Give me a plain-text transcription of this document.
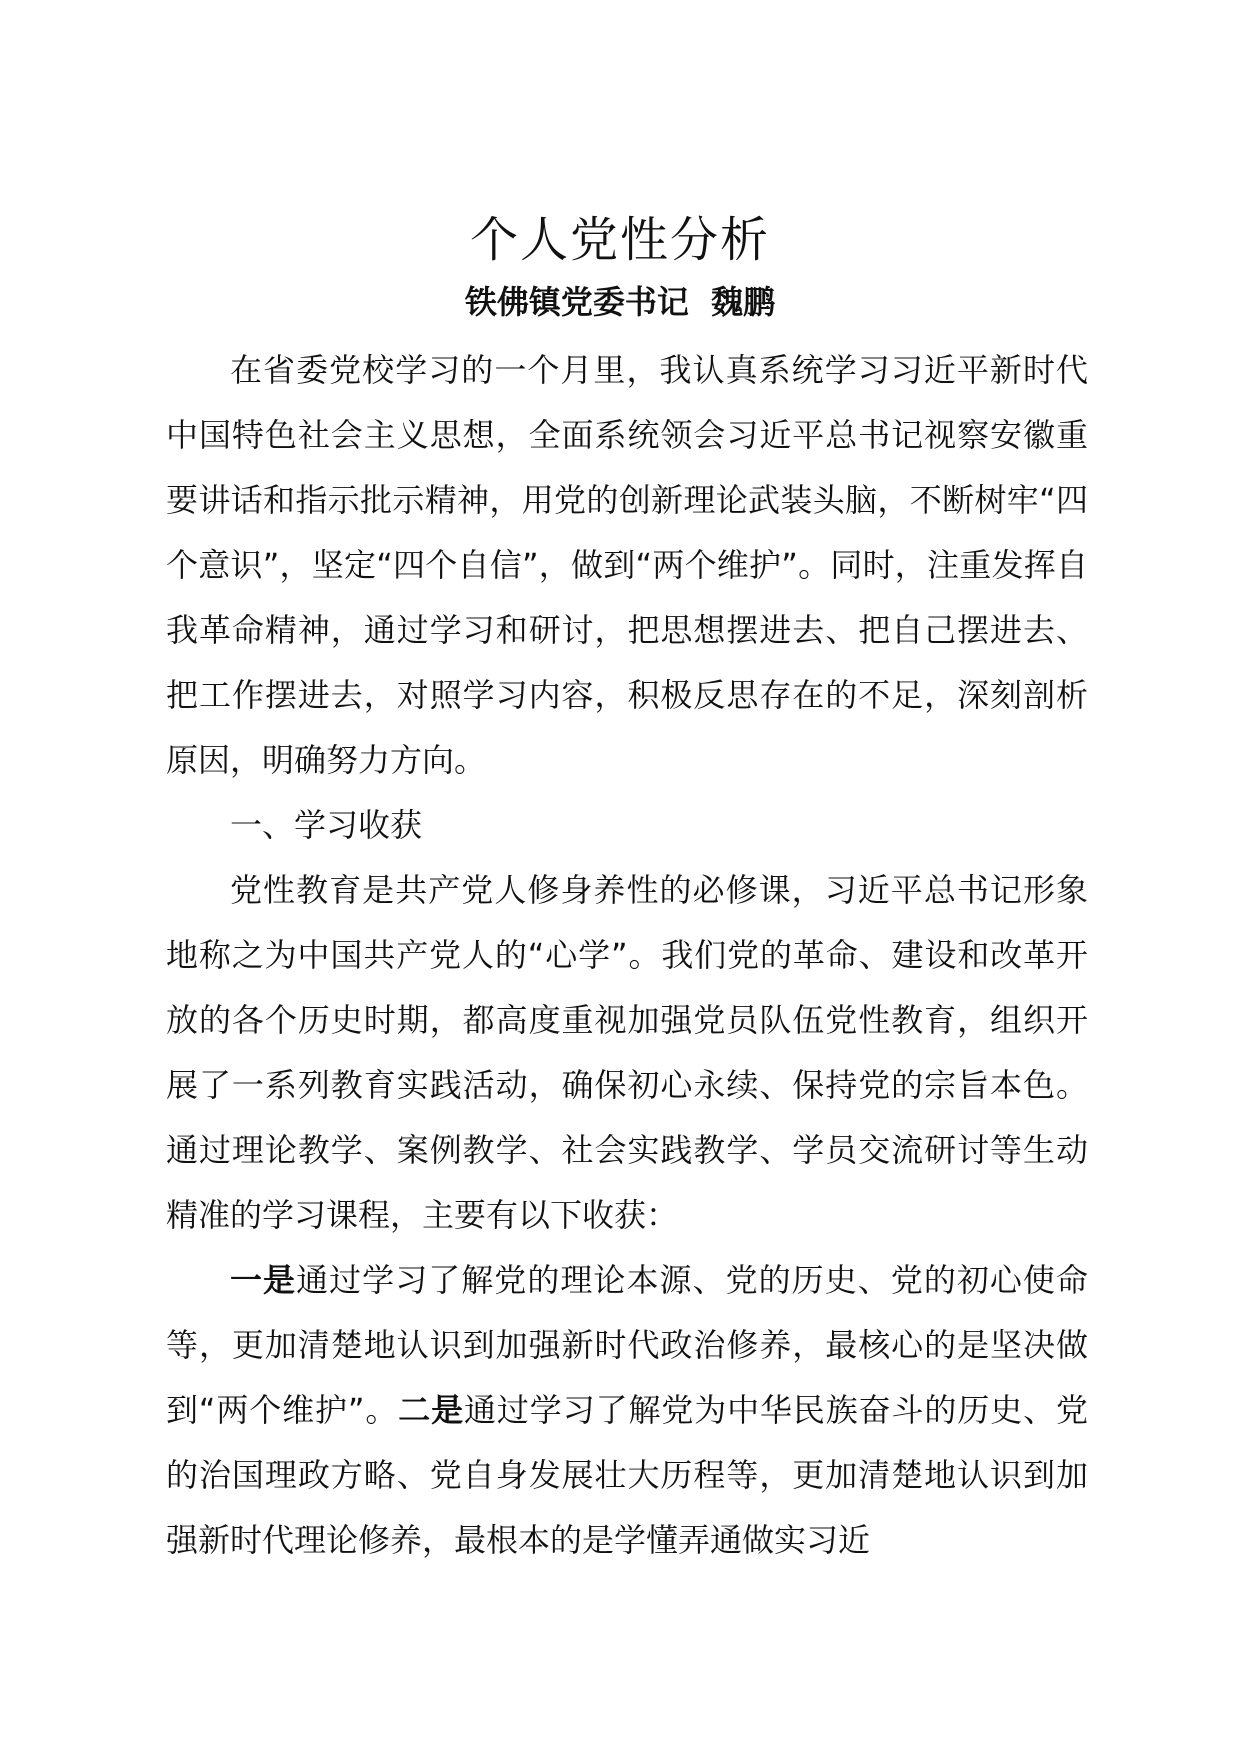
个人党性分析
铁佛镇党委书记  魏鹏

在省委党校学习的一个月里，我认真系统学习习近平新时代中国特色社会主义思想，全面系统领会习近平总书记视察安徽重要讲话和指示批示精神，用党的创新理论武装头脑，不断树牢“四个意识”，坚定“四个自信”，做到“两个维护”。同时，注重发挥自我革命精神，通过学习和研讨，把思想摆进去、把自己摆进去、把工作摆进去，对照学习内容，积极反思存在的不足，深刻剖析原因，明确努力方向。

一、学习收获

党性教育是共产党人修身养性的必修课，习近平总书记形象地称之为中国共产党人的“心学”。我们党的革命、建设和改革开放的各个历史时期，都高度重视加强党员队伍党性教育，组织开展了一系列教育实践活动，确保初心永续、保持党的宗旨本色。通过理论教学、案例教学、社会实践教学、学员交流研讨等生动精准的学习课程，主要有以下收获：

一是通过学习了解党的理论本源、党的历史、党的初心使命等，更加清楚地认识到加强新时代政治修养，最核心的是坚决做到“两个维护”。二是通过学习了解党为中华民族奋斗的历史、党的治国理政方略、党自身发展壮大历程等，更加清楚地认识到加强新时代理论修养，最根本的是学懂弄通做实习近
